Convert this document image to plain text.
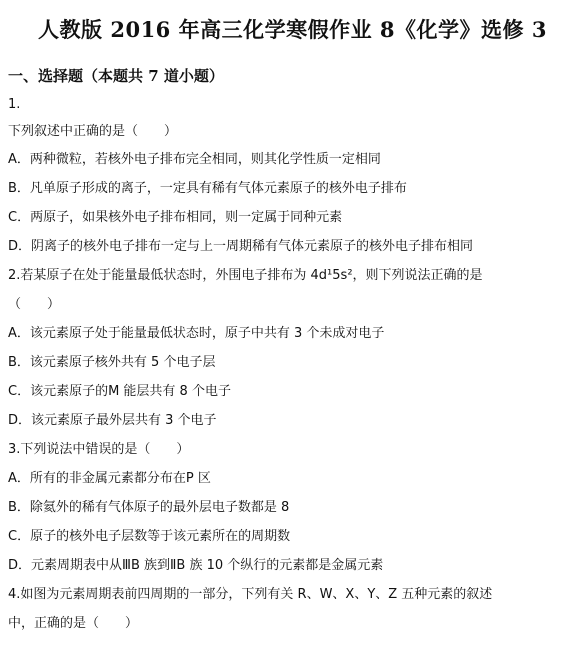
人教版 2016 年高三化学寒假作业 8《化学》选修 3
一、选择题（本题共 7 道小题）
1.
下列叙述中正确的是（　　）
A．两种微粒，若核外电子排布完全相同，则其化学性质一定相同
B．凡单原子形成的离子，一定具有稀有气体元素原子的核外电子排布
C．两原子，如果核外电子排布相同，则一定属于同种元素
D．阴离子的核外电子排布一定与上一周期稀有气体元素原子的核外电子排布相同
2.若某原子在处于能量最低状态时，外围电子排布为 4d¹5s²，则下列说法正确的是
（　　）
A．该元素原子处于能量最低状态时，原子中共有 3 个未成对电子
B．该元素原子核外共有 5 个电子层
C．该元素原子的M 能层共有 8 个电子
D．该元素原子最外层共有 3 个电子
3.下列说法中错误的是（　　）
A．所有的非金属元素都分布在P 区
B．除氦外的稀有气体原子的最外层电子数都是 8
C．原子的核外电子层数等于该元素所在的周期数
D．元素周期表中从ⅢB 族到ⅡB 族 10 个纵行的元素都是金属元素
4.如图为元素周期表前四周期的一部分，下列有关 R、W、X、Y、Z 五种元素的叙述
中，正确的是（　　）
